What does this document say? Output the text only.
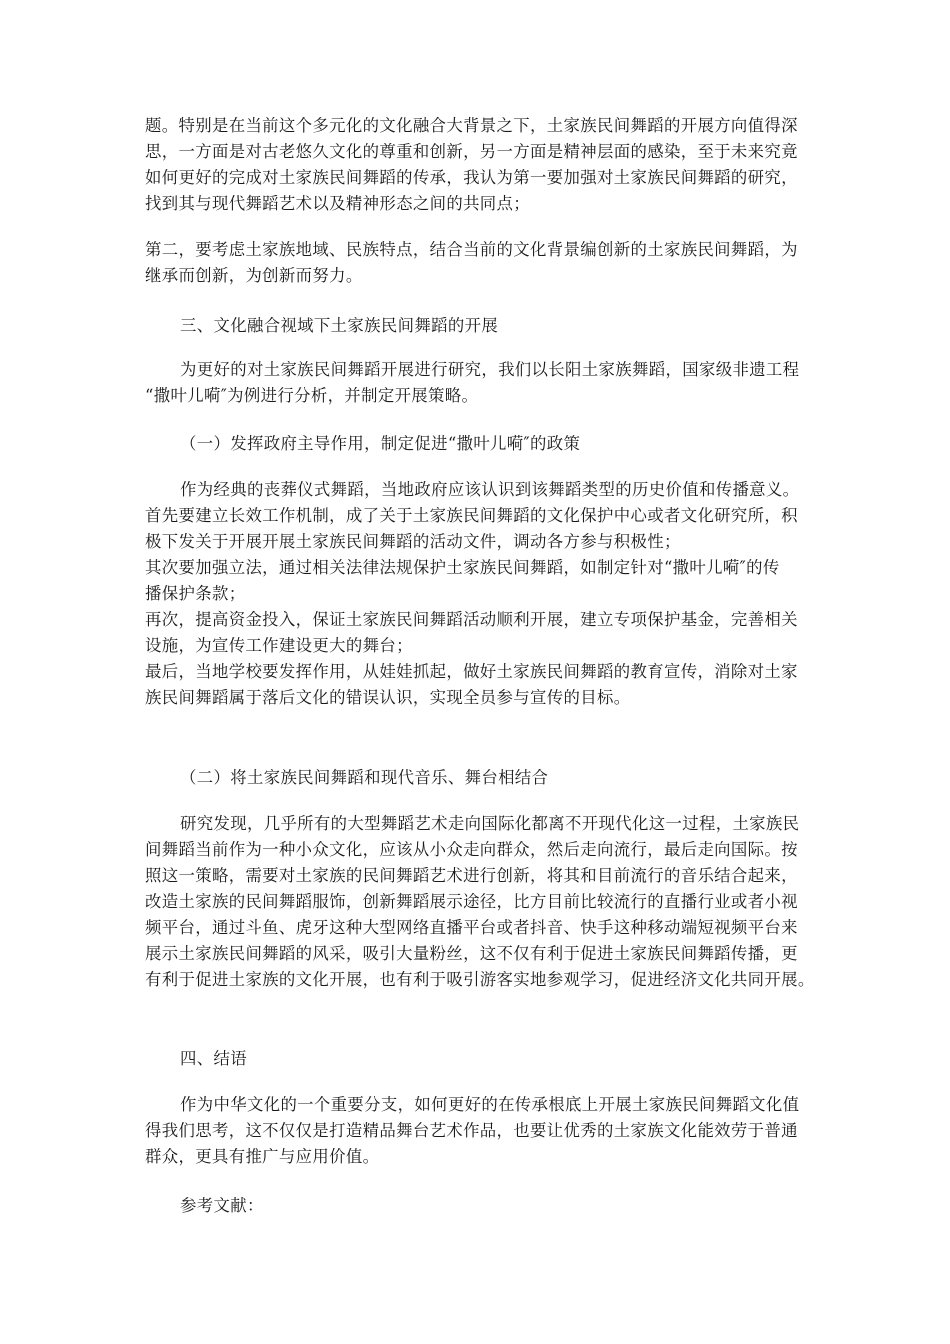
题。特别是在当前这个多元化的文化融合大背景之下，土家族民间舞蹈的开展方向值得深
思，一方面是对古老悠久文化的尊重和创新，另一方面是精神层面的感染，至于未来究竟
如何更好的完成对土家族民间舞蹈的传承，我认为第一要加强对土家族民间舞蹈的研究，
找到其与现代舞蹈艺术以及精神形态之间的共同点；
第二，要考虑土家族地域、民族特点，结合当前的文化背景编创新的土家族民间舞蹈，为
继承而创新，为创新而努力。
三、文化融合视域下土家族民间舞蹈的开展
为更好的对土家族民间舞蹈开展进行研究，我们以长阳土家族舞蹈，国家级非遗工程
“撒叶儿嗬″为例进行分析，并制定开展策略。
（一）发挥政府主导作用，制定促进“撒叶儿嗬″的政策
作为经典的丧葬仪式舞蹈，当地政府应该认识到该舞蹈类型的历史价值和传播意义。
首先要建立长效工作机制，成了关于土家族民间舞蹈的文化保护中心或者文化研究所，积
极下发关于开展开展土家族民间舞蹈的活动文件，调动各方参与积极性；
其次要加强立法，通过相关法律法规保护土家族民间舞蹈，如制定针对“撒叶儿嗬″的传
播保护条款；
再次，提高资金投入，保证土家族民间舞蹈活动顺利开展，建立专项保护基金，完善相关
设施，为宣传工作建设更大的舞台；
最后，当地学校要发挥作用，从娃娃抓起，做好土家族民间舞蹈的教育宣传，消除对土家
族民间舞蹈属于落后文化的错误认识，实现全员参与宣传的目标。
（二）将土家族民间舞蹈和现代音乐、舞台相结合
研究发现，几乎所有的大型舞蹈艺术走向国际化都离不开现代化这一过程，土家族民
间舞蹈当前作为一种小众文化，应该从小众走向群众，然后走向流行，最后走向国际。按
照这一策略，需要对土家族的民间舞蹈艺术进行创新，将其和目前流行的音乐结合起来，
改造土家族的民间舞蹈服饰，创新舞蹈展示途径，比方目前比较流行的直播行业或者小视
频平台，通过斗鱼、虎牙这种大型网络直播平台或者抖音、快手这种移动端短视频平台来
展示土家族民间舞蹈的风采，吸引大量粉丝，这不仅有利于促进土家族民间舞蹈传播，更
有利于促进土家族的文化开展，也有利于吸引游客实地参观学习，促进经济文化共同开展。
四、结语
作为中华文化的一个重要分支，如何更好的在传承根底上开展土家族民间舞蹈文化值
得我们思考，这不仅仅是打造精品舞台艺术作品，也要让优秀的土家族文化能效劳于普通
群众，更具有推广与应用价值。
参考文献：
